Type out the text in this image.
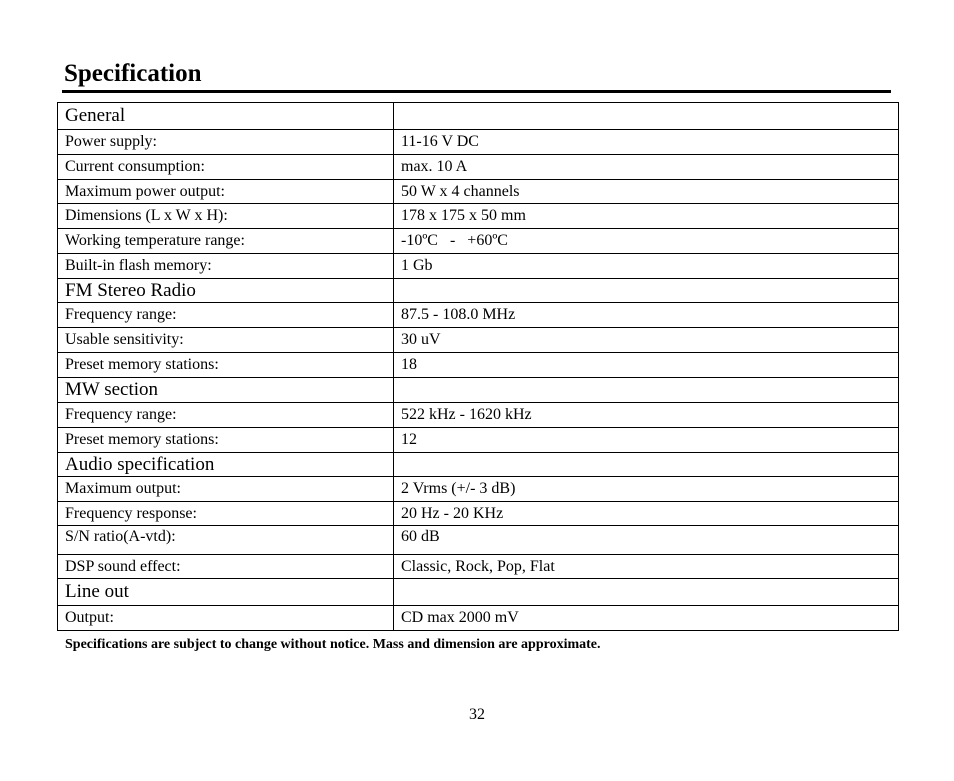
Specification
General	
Power supply:	11-16 V DC
Current consumption:	max. 10 A
Maximum power output:	50 W x 4 channels
Dimensions (L x W x H):	178 x 175 x 50 mm
Working temperature range:	-10ºC   -   +60ºC
Built-in flash memory:	1 Gb
FM Stereo Radio	
Frequency range:	87.5 - 108.0 MHz
Usable sensitivity:	30 uV
Preset memory stations:	18
MW section	
Frequency range:	522 kHz - 1620 kHz
Preset memory stations:	12
Audio specification	
Maximum output:	2 Vrms (+/- 3 dB)
Frequency response:	20 Hz - 20 KHz
S/N ratio(A-vtd):	60 dB
DSP sound effect:	Classic, Rock, Pop, Flat
Line out	
Output:	CD max 2000 mV
Specifications are subject to change without notice. Mass and dimension are approximate.
32
